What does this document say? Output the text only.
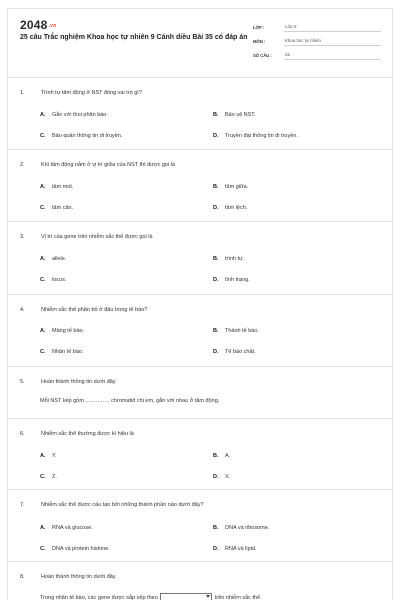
2048.vn
25 câu Trắc nghiệm Khoa học tự nhiên 9 Cánh diều Bài 35 có đáp án
LỚP :	Lớp 9
MÔN :	Khoa học tự nhiên
SỐ CÂU :	25
1.	Trình tự tâm động ở NST đóng vai trò gì?
A. Gắn với thoi phân bào.	B. Bảo vệ NST.
C. Bảo quản thông tin di truyền.	D. Truyền đạt thông tin di truyền.
2.	Khi tâm động nằm ở vị trí giữa của NST thì được gọi là
A. tâm mút.	B. tâm giữa.
C. tâm cân.	D. tâm lệch.
3.	Vị trí của gene trên nhiễm sắc thể được gọi là
A. allele.	B. trình tự.
C. locus.	D. tình trạng.
4.	Nhiễm sắc thể phân bố ở đâu trong tế bào?
A. Màng tế bào.	B. Thành tế bào.
C. Nhân tế bào.	D. Tế bào chất.
5.	Hoàn thành thông tin dưới đây.
Mỗi NST kép gồm .............. chromatid chị em, gắn với nhau ở tâm động.
6.	Nhiễm sắc thể thường được kí hiệu là
A. Y.	B. A.
C. Z.	D. X.
7.	Nhiễm sắc thể được cấu tạo bởi những thành phần nào dưới đây?
A. RNA và glucose.	B. DNA và ribosome.
C. DNA và protein histone.	D. RNA và lipid.
8.	Hoàn thành thông tin dưới đây.
Trong nhân tế bào, các gene được sắp xếp theo	trên nhiễm sắc thể.
